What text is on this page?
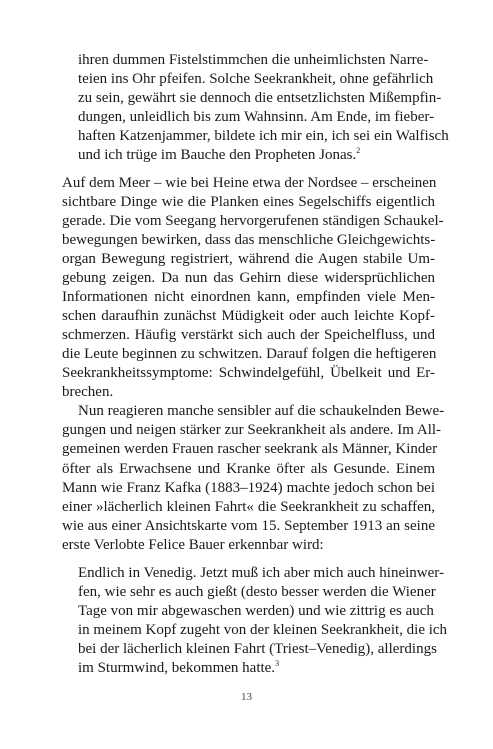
ihren dummen Fistelstimmchen die unheimlichsten Narre-
teien ins Ohr pfeifen. Solche Seekrankheit, ohne gefährlich
zu sein, gewährt sie dennoch die entsetzlichsten Mißempfin-
dungen, unleidlich bis zum Wahnsinn. Am Ende, im fieber-
haften Katzenjammer, bildete ich mir ein, ich sei ein Walfisch
und ich trüge im Bauche den Propheten Jonas.$^2$
Auf dem Meer – wie bei Heine etwa der Nordsee – erscheinen
sichtbare Dinge wie die Planken eines Segelschiffs eigentlich
gerade. Die vom Seegang hervorgerufenen ständigen Schaukel-
bewegungen bewirken, dass das menschliche Gleichgewichts-
organ Bewegung registriert, während die Augen stabile Um-
gebung zeigen. Da nun das Gehirn diese widersprüchlichen
Informationen nicht einordnen kann, empfinden viele Men-
schen daraufhin zunächst Müdigkeit oder auch leichte Kopf-
schmerzen. Häufig verstärkt sich auch der Speichelfluss, und
die Leute beginnen zu schwitzen. Darauf folgen die heftigeren
Seekrankheitssymptome: Schwindelgefühl, Übelkeit und Er-
brechen.
Nun reagieren manche sensibler auf die schaukelnden Bewe-
gungen und neigen stärker zur Seekrankheit als andere. Im All-
gemeinen werden Frauen rascher seekrank als Männer, Kinder
öfter als Erwachsene und Kranke öfter als Gesunde. Einem
Mann wie Franz Kafka (1883–1924) machte jedoch schon bei
einer »lächerlich kleinen Fahrt« die Seekrankheit zu schaffen,
wie aus einer Ansichtskarte vom 15. September 1913 an seine
erste Verlobte Felice Bauer erkennbar wird:
Endlich in Venedig. Jetzt muß ich aber mich auch hineinwer-
fen, wie sehr es auch gießt (desto besser werden die Wiener
Tage von mir abgewaschen werden) und wie zittrig es auch
in meinem Kopf zugeht von der kleinen Seekrankheit, die ich
bei der lächerlich kleinen Fahrt (Triest–Venedig), allerdings
im Sturmwind, bekommen hatte.$^3$
13
